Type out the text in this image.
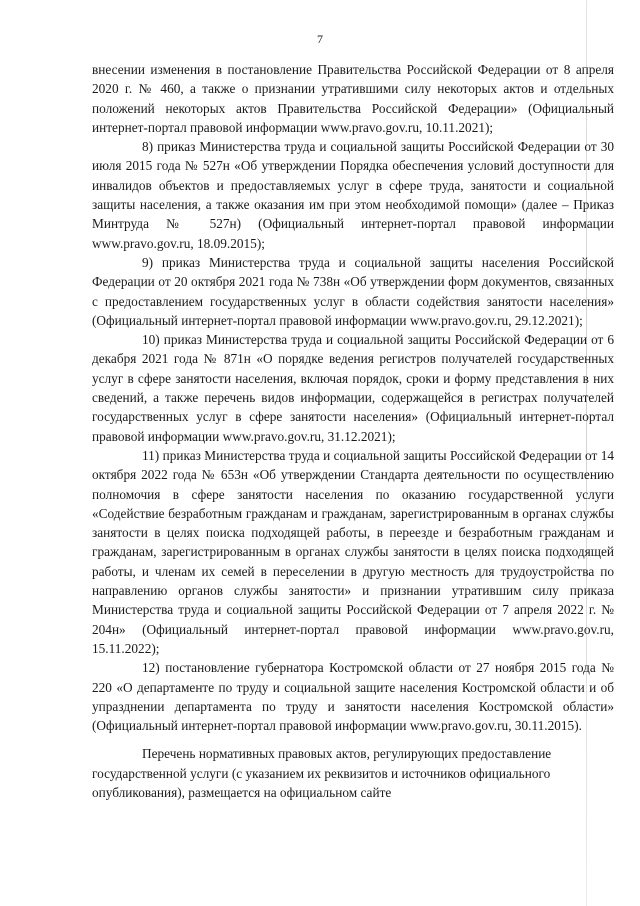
7

внесении изменения в постановление Правительства Российской Федерации от 8 апреля 2020 г. № 460, а также о признании утратившими силу некоторых актов и отдельных положений некоторых актов Правительства Российской Федерации» (Официальный интернет-портал правовой информации www.pravo.gov.ru, 10.11.2021);

8) приказ Министерства труда и социальной защиты Российской Федерации от 30 июля 2015 года № 527н «Об утверждении Порядка обеспечения условий доступности для инвалидов объектов и предоставляемых услуг в сфере труда, занятости и социальной защиты населения, а также оказания им при этом необходимой помощи» (далее – Приказ Минтруда № 527н) (Официальный интернет-портал правовой информации www.pravo.gov.ru, 18.09.2015);

9) приказ Министерства труда и социальной защиты населения Российской Федерации от 20 октября 2021 года № 738н «Об утверждении форм документов, связанных с предоставлением государственных услуг в области содействия занятости населения» (Официальный интернет-портал правовой информации www.pravo.gov.ru, 29.12.2021);

10) приказ Министерства труда и социальной защиты Российской Федерации от 6 декабря 2021 года № 871н «О порядке ведения регистров получателей государственных услуг в сфере занятости населения, включая порядок, сроки и форму представления в них сведений, а также перечень видов информации, содержащейся в регистрах получателей государственных услуг в сфере занятости населения» (Официальный интернет-портал правовой информации www.pravo.gov.ru, 31.12.2021);

11) приказ Министерства труда и социальной защиты Российской Федерации от 14 октября 2022 года № 653н «Об утверждении Стандарта деятельности по осуществлению полномочия в сфере занятости населения по оказанию государственной услуги «Содействие безработным гражданам и гражданам, зарегистрированным в органах службы занятости в целях поиска подходящей работы, в переезде и безработным гражданам и гражданам, зарегистрированным в органах службы занятости в целях поиска подходящей работы, и членам их семей в переселении в другую местность для трудоустройства по направлению органов службы занятости» и признании утратившим силу приказа Министерства труда и социальной защиты Российской Федерации от 7 апреля 2022 г. № 204н» (Официальный интернет-портал правовой информации www.pravo.gov.ru, 15.11.2022);

12) постановление губернатора Костромской области от 27 ноября 2015 года № 220 «О департаменте по труду и социальной защите населения Костромской области и об упразднении департамента по труду и занятости населения Костромской области» (Официальный интернет-портал правовой информации www.pravo.gov.ru, 30.11.2015).

Перечень нормативных правовых актов, регулирующих предоставление государственной услуги (с указанием их реквизитов и источников официального опубликования), размещается на официальном сайте
